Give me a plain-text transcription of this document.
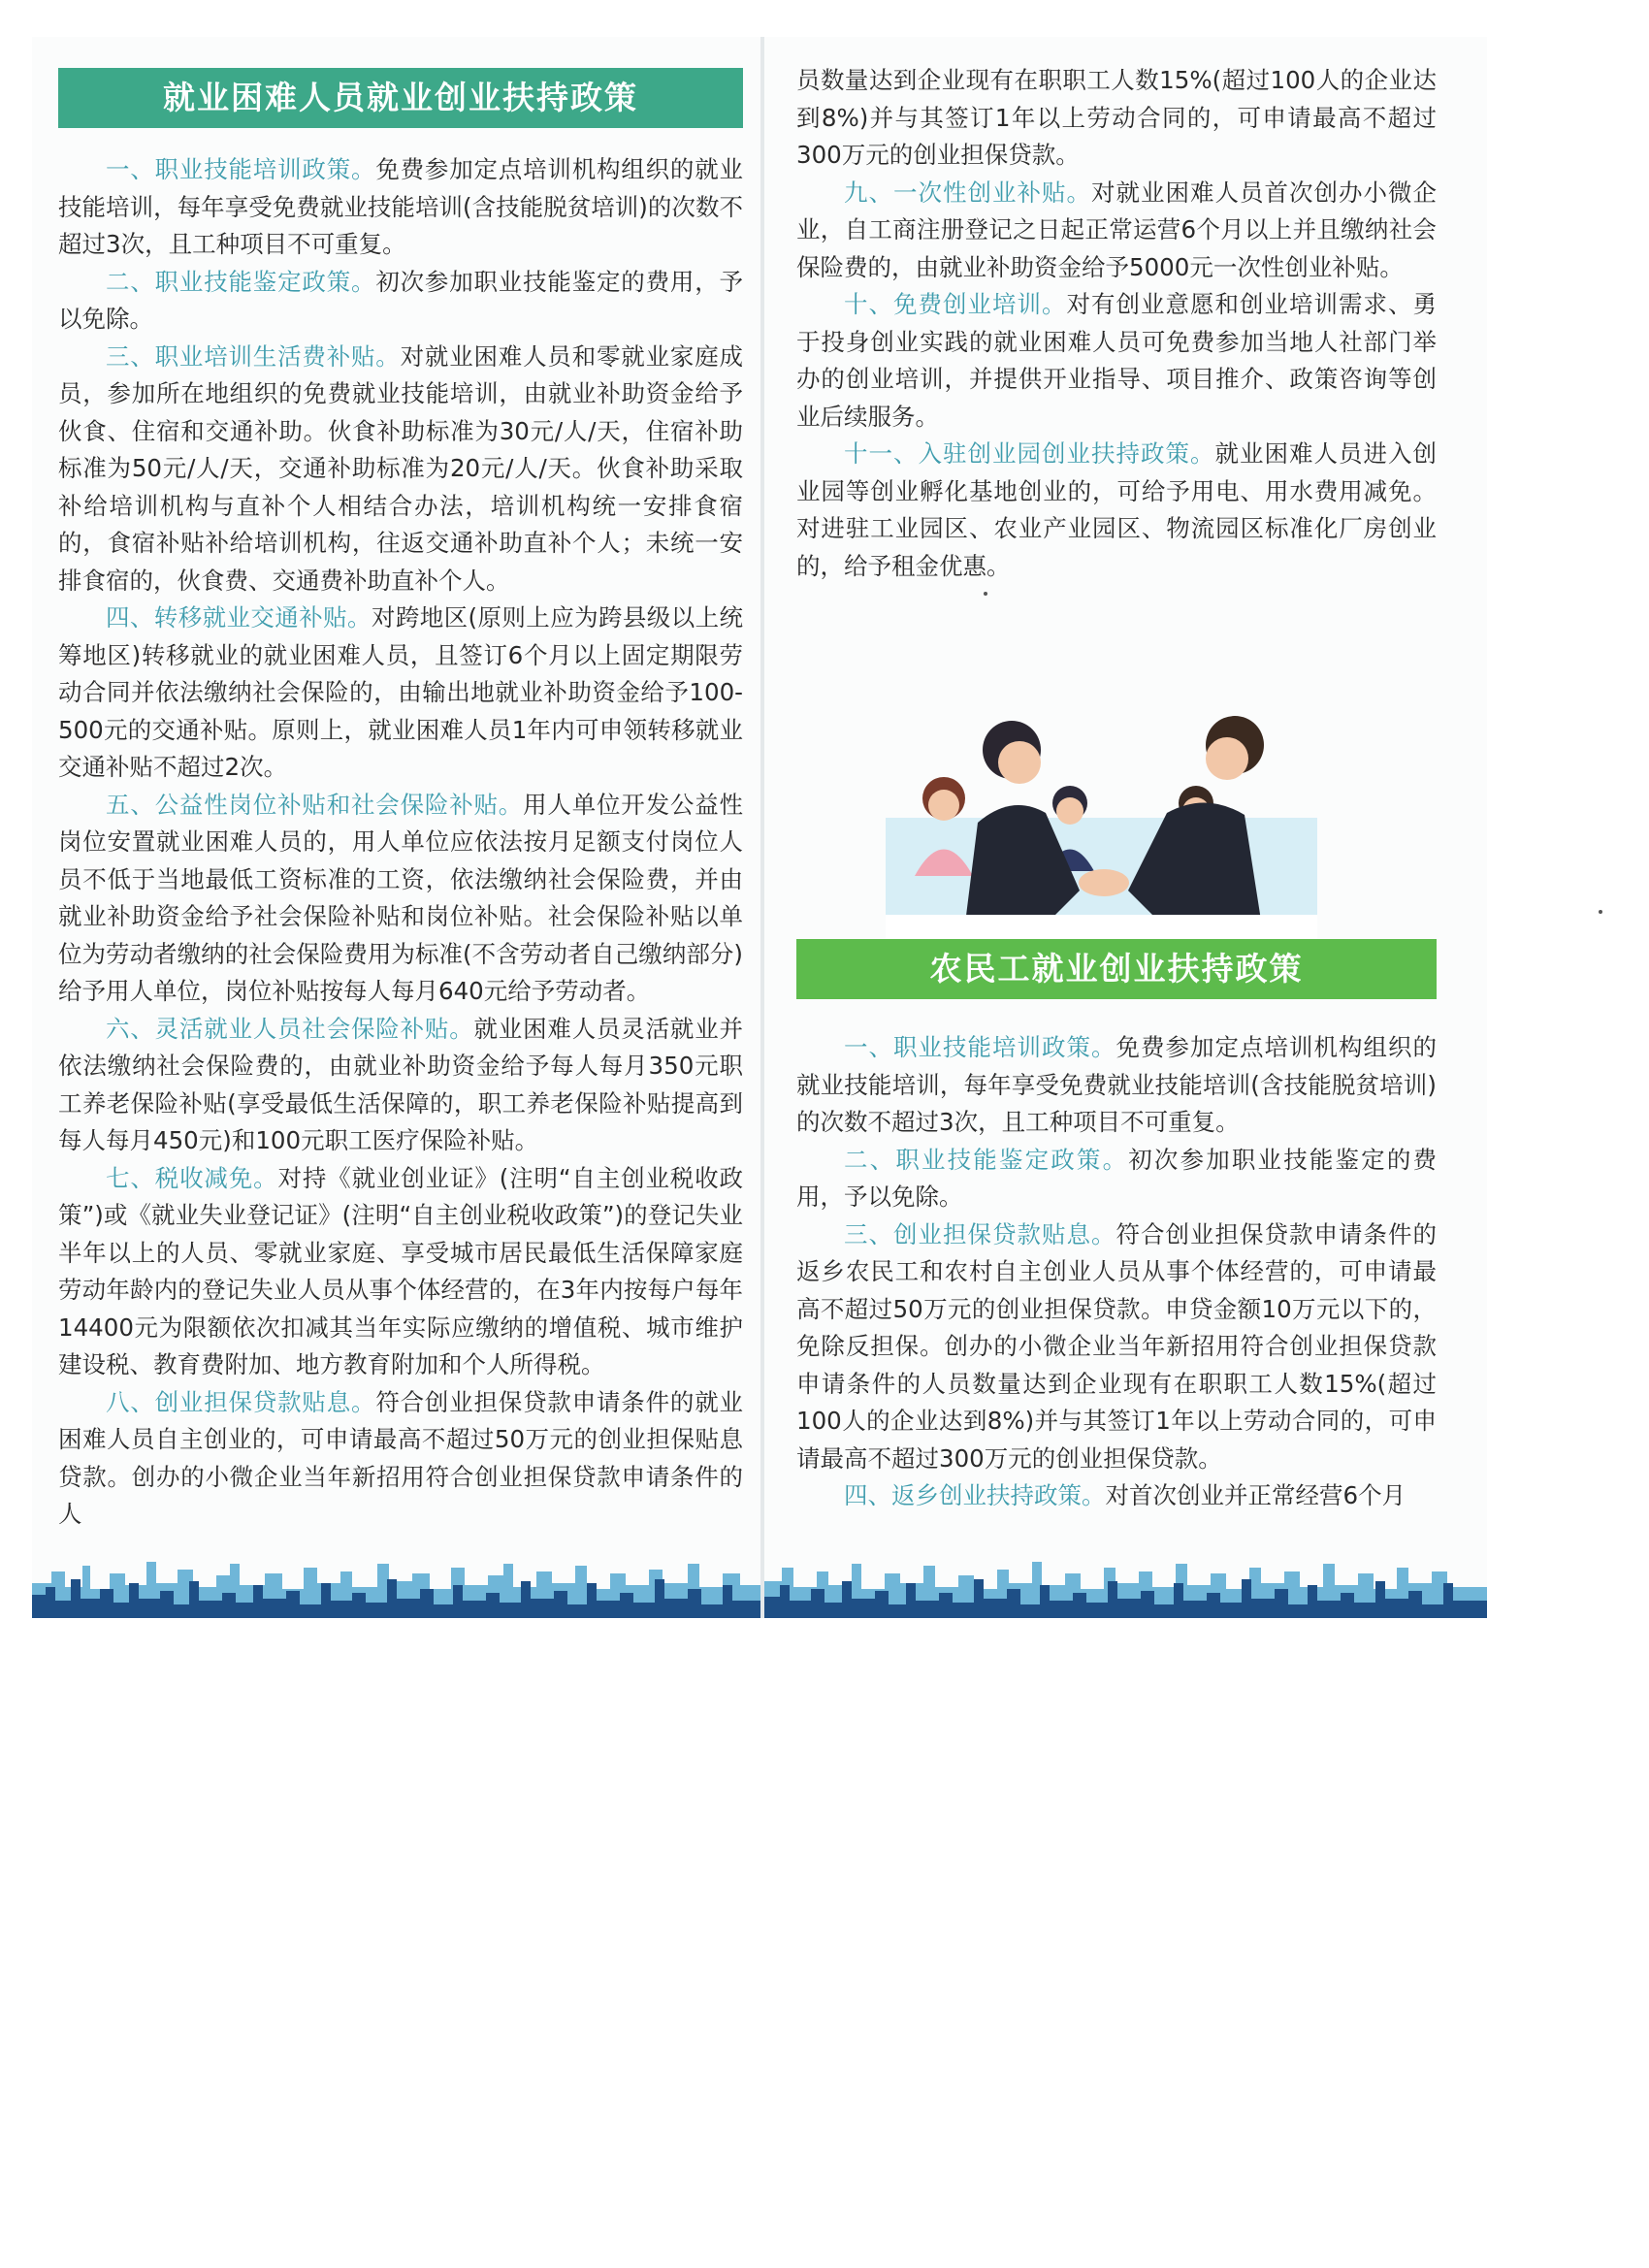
就业困难人员就业创业扶持政策

一、职业技能培训政策。免费参加定点培训机构组织的就业技能培训，每年享受免费就业技能培训(含技能脱贫培训)的次数不超过3次，且工种项目不可重复。

二、职业技能鉴定政策。初次参加职业技能鉴定的费用，予以免除。

三、职业培训生活费补贴。对就业困难人员和零就业家庭成员，参加所在地组织的免费就业技能培训，由就业补助资金给予伙食、住宿和交通补助。伙食补助标准为30元/人/天，住宿补助标准为50元/人/天，交通补助标准为20元/人/天。伙食补助采取补给培训机构与直补个人相结合办法，培训机构统一安排食宿的，食宿补贴补给培训机构，往返交通补助直补个人；未统一安排食宿的，伙食费、交通费补助直补个人。

四、转移就业交通补贴。对跨地区(原则上应为跨县级以上统筹地区)转移就业的就业困难人员，且签订6个月以上固定期限劳动合同并依法缴纳社会保险的，由输出地就业补助资金给予100-500元的交通补贴。原则上，就业困难人员1年内可申领转移就业交通补贴不超过2次。

五、公益性岗位补贴和社会保险补贴。用人单位开发公益性岗位安置就业困难人员的，用人单位应依法按月足额支付岗位人员不低于当地最低工资标准的工资，依法缴纳社会保险费，并由就业补助资金给予社会保险补贴和岗位补贴。社会保险补贴以单位为劳动者缴纳的社会保险费用为标准(不含劳动者自己缴纳部分)给予用人单位，岗位补贴按每人每月640元给予劳动者。

六、灵活就业人员社会保险补贴。就业困难人员灵活就业并依法缴纳社会保险费的，由就业补助资金给予每人每月350元职工养老保险补贴(享受最低生活保障的，职工养老保险补贴提高到每人每月450元)和100元职工医疗保险补贴。

七、税收减免。对持《就业创业证》(注明“自主创业税收政策”)或《就业失业登记证》(注明“自主创业税收政策”)的登记失业半年以上的人员、零就业家庭、享受城市居民最低生活保障家庭劳动年龄内的登记失业人员从事个体经营的，在3年内按每户每年14400元为限额依次扣减其当年实际应缴纳的增值税、城市维护建设税、教育费附加、地方教育附加和个人所得税。

八、创业担保贷款贴息。符合创业担保贷款申请条件的就业困难人员自主创业的，可申请最高不超过50万元的创业担保贴息贷款。创办的小微企业当年新招用符合创业担保贷款申请条件的人

员数量达到企业现有在职职工人数15%(超过100人的企业达到8%)并与其签订1年以上劳动合同的，可申请最高不超过300万元的创业担保贷款。

九、一次性创业补贴。对就业困难人员首次创办小微企业，自工商注册登记之日起正常运营6个月以上并且缴纳社会保险费的，由就业补助资金给予5000元一次性创业补贴。

十、免费创业培训。对有创业意愿和创业培训需求、勇于投身创业实践的就业困难人员可免费参加当地人社部门举办的创业培训，并提供开业指导、项目推介、政策咨询等创业后续服务。

十一、入驻创业园创业扶持政策。就业困难人员进入创业园等创业孵化基地创业的，可给予用电、用水费用减免。对进驻工业园区、农业产业园区、物流园区标准化厂房创业的，给予租金优惠。

农民工就业创业扶持政策

一、职业技能培训政策。免费参加定点培训机构组织的就业技能培训，每年享受免费就业技能培训(含技能脱贫培训)的次数不超过3次，且工种项目不可重复。

二、职业技能鉴定政策。初次参加职业技能鉴定的费用，予以免除。

三、创业担保贷款贴息。符合创业担保贷款申请条件的返乡农民工和农村自主创业人员从事个体经营的，可申请最高不超过50万元的创业担保贷款。申贷金额10万元以下的，免除反担保。创办的小微企业当年新招用符合创业担保贷款申请条件的人员数量达到企业现有在职职工人数15%(超过100人的企业达到8%)并与其签订1年以上劳动合同的，可申请最高不超过300万元的创业担保贷款。

四、返乡创业扶持政策。对首次创业并正常经营6个月
